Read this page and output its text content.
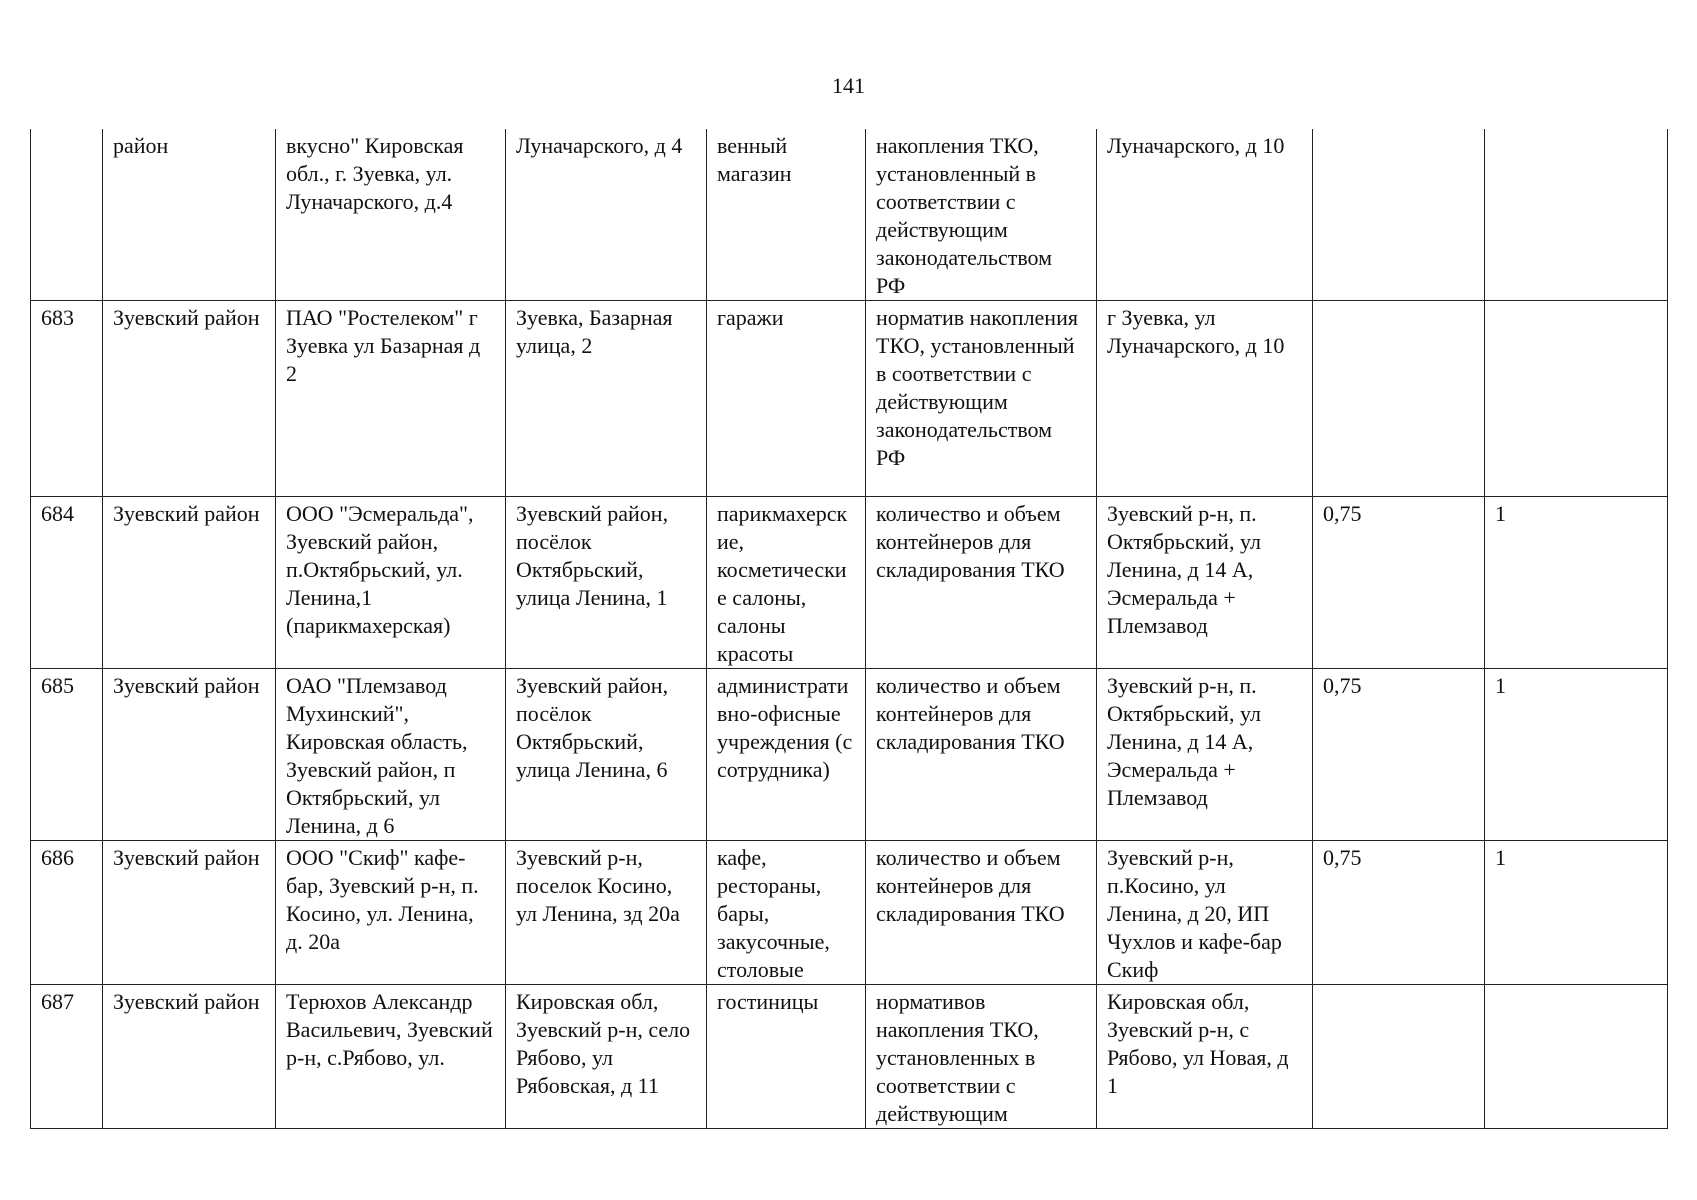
141
	район	вкусно" Кировская обл., г. Зуевка, ул. Луначарского, д.4	Луначарского, д 4	венный магазин	накопления ТКО, установленный в соответствии с действующим законодательством РФ	Луначарского, д 10		
683	Зуевский район	ПАО "Ростелеком" г Зуевка ул Базарная д 2	Зуевка, Базарная улица, 2	гаражи	норматив накопления ТКО, установленный в соответствии с действующим законодательством РФ	г Зуевка, ул Луначарского, д 10		
684	Зуевский район	ООО "Эсмеральда", Зуевский район, п.Октябрьский, ул. Ленина,1 (парикмахерская)	Зуевский район, посёлок Октябрьский, улица Ленина, 1	парикмахерские, косметические салоны, салоны красоты	количество и объем контейнеров для складирования ТКО	Зуевский р-н, п. Октябрьский, ул Ленина, д 14 А, Эсмеральда + Племзавод	0,75	1
685	Зуевский район	ОАО "Племзавод Мухинский", Кировская область, Зуевский район, п Октябрьский, ул Ленина, д 6	Зуевский район, посёлок Октябрьский, улица Ленина, 6	административно-офисные учреждения (с сотрудника)	количество и объем контейнеров для складирования ТКО	Зуевский р-н, п. Октябрьский, ул Ленина, д 14 А, Эсмеральда + Племзавод	0,75	1
686	Зуевский район	ООО "Скиф" кафе-бар, Зуевский р-н, п. Косино, ул. Ленина, д. 20а	Зуевский р-н, поселок Косино, ул Ленина, зд 20а	кафе, рестораны, бары, закусочные, столовые	количество и объем контейнеров для складирования ТКО	Зуевский р-н, п.Косино, ул Ленина, д 20, ИП Чухлов и кафе-бар Скиф	0,75	1
687	Зуевский район	Терюхов Александр Васильевич, Зуевский р-н, с.Рябово, ул.	Кировская обл, Зуевский р-н, село Рябово, ул Рябовская, д 11	гостиницы	нормативов накопления ТКО, установленных в соответствии с действующим	Кировская обл, Зуевский р-н, с Рябово, ул Новая, д 1		
